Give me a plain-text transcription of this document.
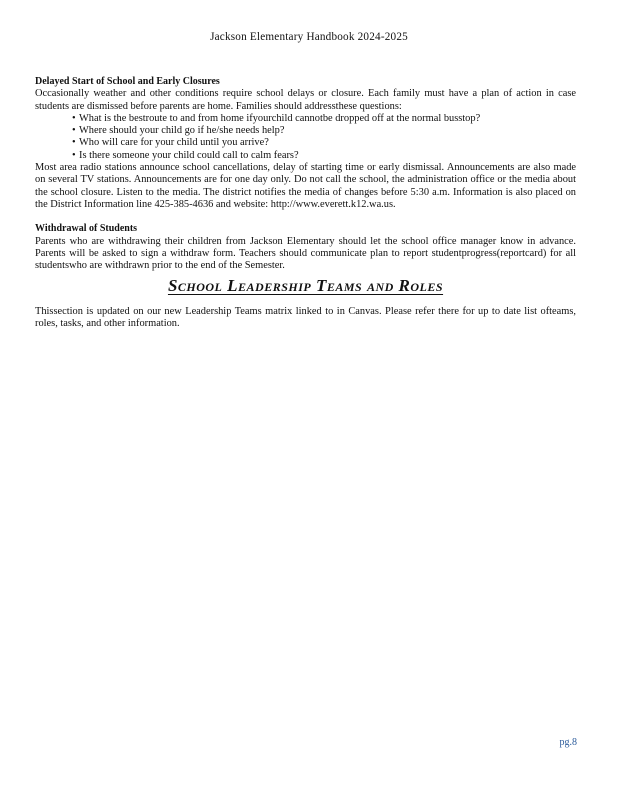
Jackson Elementary Handbook 2024-2025
Delayed Start of School and Early Closures

Occasionally weather and other conditions require school delays or closure. Each family must have a plan of action in case students are dismissed before parents are home. Families should addressthese questions:

• What is the bestroute to and from home ifyourchild cannotbe dropped off at the normal busstop?
• Where should your child go if he/she needs help?
• Who will care for your child until you arrive?
• Is there someone your child could call to calm fears?

Most area radio stations announce school cancellations, delay of starting time or early dismissal. Announcements are also made on several TV stations. Announcements are for one day only. Do not call the school, the administration office or the media about the school closure. Listen to the media. The district notifies the media of changes before 5:30 a.m. Information is also placed on the District Information line 425-385-4636 and website: http://www.everett.k12.wa.us.

Withdrawal of Students

Parents who are withdrawing their children from Jackson Elementary should let the school office manager know in advance. Parents will be asked to sign a withdraw form. Teachers should communicate plan to report studentprogress(reportcard) for all studentswho are withdrawn prior to the end of the Semester.

School Leadership Teams and Roles

Thissection is updated on our new Leadership Teams matrix linked to in Canvas. Please refer there for up to date list ofteams, roles, tasks, and other information.

pg.8
